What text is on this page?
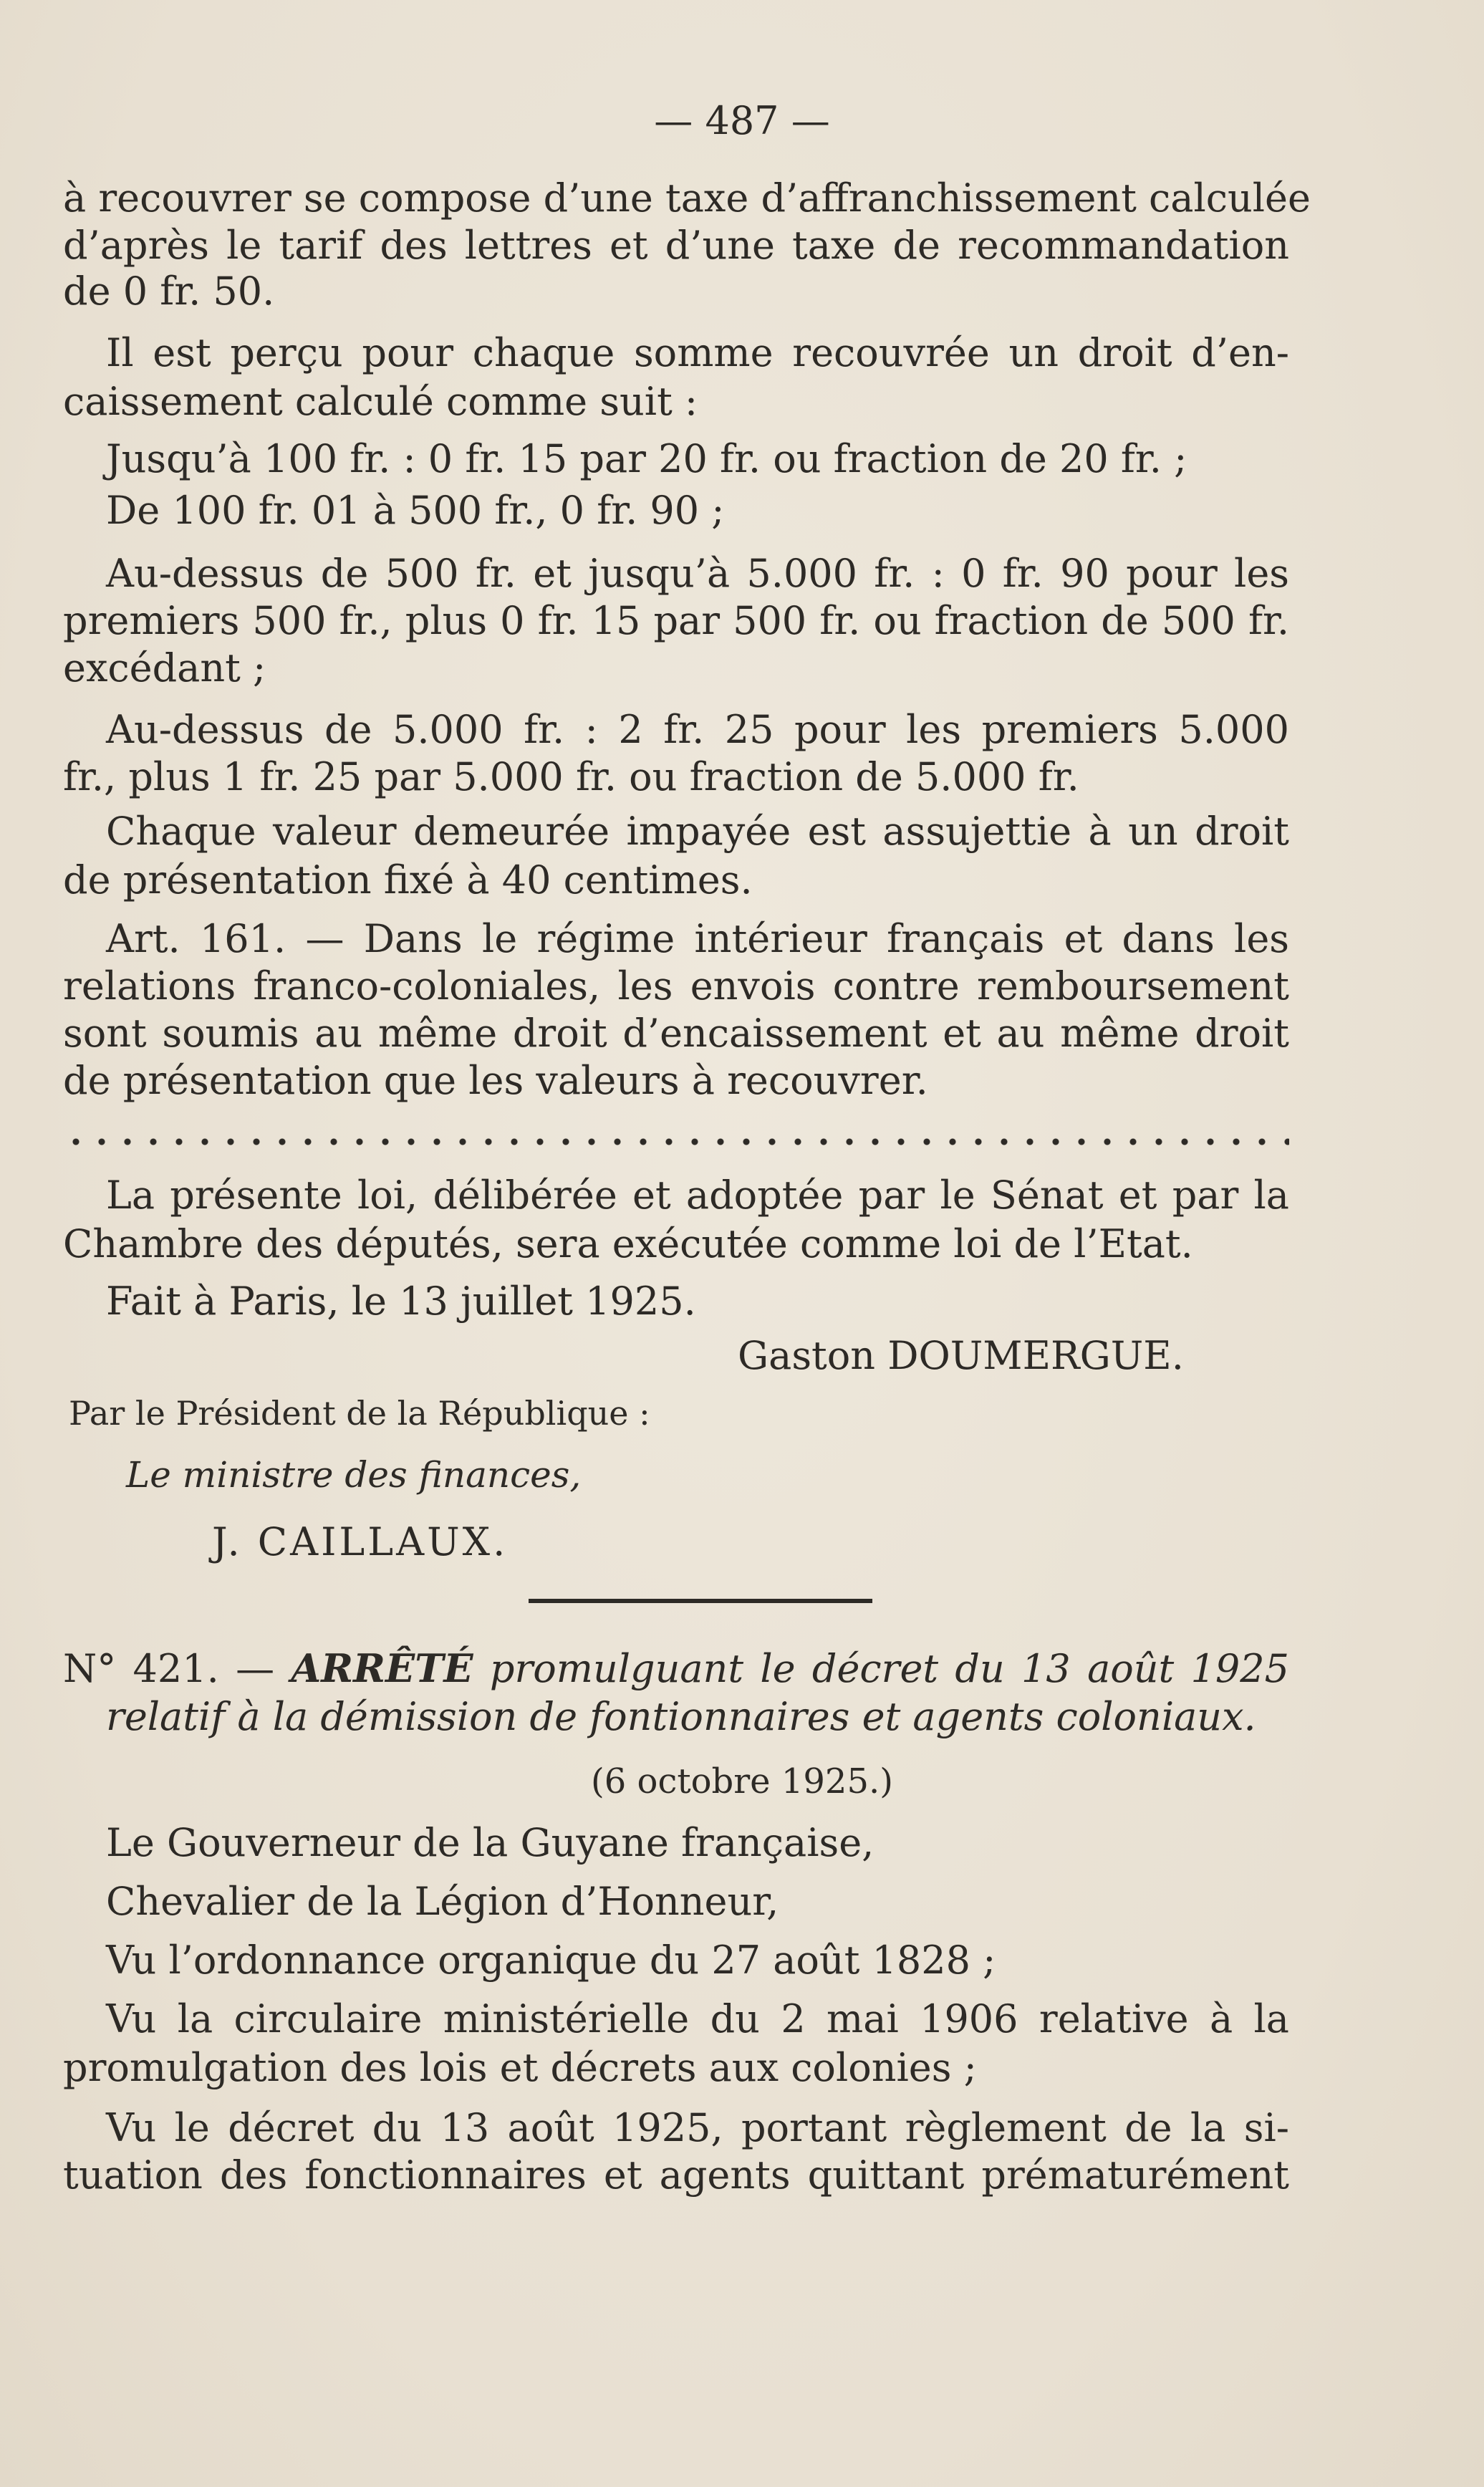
— 487 —
à recouvrer se compose d’une taxe d’affranchissement calculée
d’après le tarif des lettres et d’une taxe de recommandation
de 0 fr. 50.
Il est perçu pour chaque somme recouvrée un droit d’en-
caissement calculé comme suit :
Jusqu’à 100 fr. : 0 fr. 15 par 20 fr. ou fraction de 20 fr. ;
De 100 fr. 01 à 500 fr., 0 fr. 90 ;
Au-dessus de 500 fr. et jusqu’à 5.000 fr. : 0 fr. 90 pour les
premiers 500 fr., plus 0 fr. 15 par 500 fr. ou fraction de 500 fr.
excédant ;
Au-dessus de 5.000 fr. : 2 fr. 25 pour les premiers 5.000
fr., plus 1 fr. 25 par 5.000 fr. ou fraction de 5.000 fr.
Chaque valeur demeurée impayée est assujettie à un droit
de présentation fixé à 40 centimes.
Art. 161. — Dans le régime intérieur français et dans les
relations franco-coloniales, les envois contre remboursement
sont soumis au même droit d’encaissement et au même droit
de présentation que les valeurs à recouvrer.
La présente loi, délibérée et adoptée par le Sénat et par la
Chambre des députés, sera exécutée comme loi de l’Etat.
Fait à Paris, le 13 juillet 1925.
Gaston DOUMERGUE.
Par le Président de la République :
Le ministre des finances,
J. CAILLAUX.
N° 421. — ARRÊTÉ promulguant le décret du 13 août 1925
relatif à la démission de fontionnaires et agents coloniaux.
(6 octobre 1925.)
Le Gouverneur de la Guyane française,
Chevalier de la Légion d’Honneur,
Vu l’ordonnance organique du 27 août 1828 ;
Vu la circulaire ministérielle du 2 mai 1906 relative à la
promulgation des lois et décrets aux colonies ;
Vu le décret du 13 août 1925, portant règlement de la si-
tuation des fonctionnaires et agents quittant prématurément
